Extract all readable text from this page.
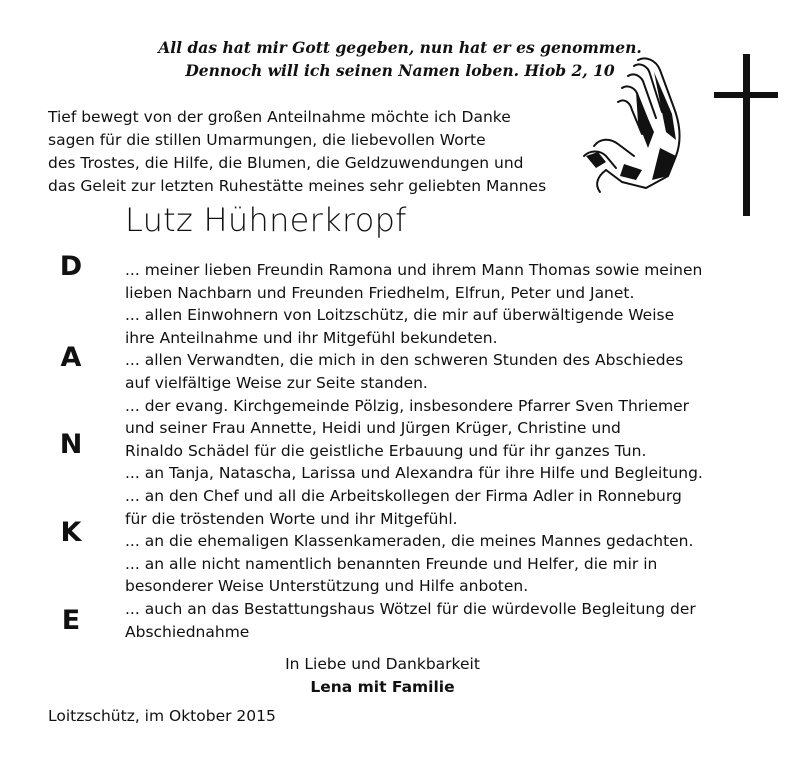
All das hat mir Gott gegeben, nun hat er es genommen.
Dennoch will ich seinen Namen loben. Hiob 2, 10
Tief bewegt von der großen Anteilnahme möchte ich Danke
sagen für die stillen Umarmungen, die liebevollen Worte
des Trostes, die Hilfe, die Blumen, die Geldzuwendungen und
das Geleit zur letzten Ruhestätte meines sehr geliebten Mannes
Lutz Hühnerkropf
D
A
N
K
E
... meiner lieben Freundin Ramona und ihrem Mann Thomas sowie meinen
lieben Nachbarn und Freunden Friedhelm, Elfrun, Peter und Janet.
... allen Einwohnern von Loitzschütz, die mir auf überwältigende Weise
ihre Anteilnahme und ihr Mitgefühl bekundeten.
... allen Verwandten, die mich in den schweren Stunden des Abschiedes
auf vielfältige Weise zur Seite standen.
... der evang. Kirchgemeinde Pölzig, insbesondere Pfarrer Sven Thriemer
und seiner Frau Annette, Heidi und Jürgen Krüger, Christine und
Rinaldo Schädel für die geistliche Erbauung und für ihr ganzes Tun.
... an Tanja, Natascha, Larissa und Alexandra für ihre Hilfe und Begleitung.
... an den Chef und all die Arbeitskollegen der Firma Adler in Ronneburg
für die tröstenden Worte und ihr Mitgefühl.
... an die ehemaligen Klassenkameraden, die meines Mannes gedachten.
... an alle nicht namentlich benannten Freunde und Helfer, die mir in
besonderer Weise Unterstützung und Hilfe anboten.
... auch an das Bestattungshaus Wötzel für die würdevolle Begleitung der
Abschiednahme
In Liebe und Dankbarkeit
Lena mit Familie
Loitzschütz, im Oktober 2015
